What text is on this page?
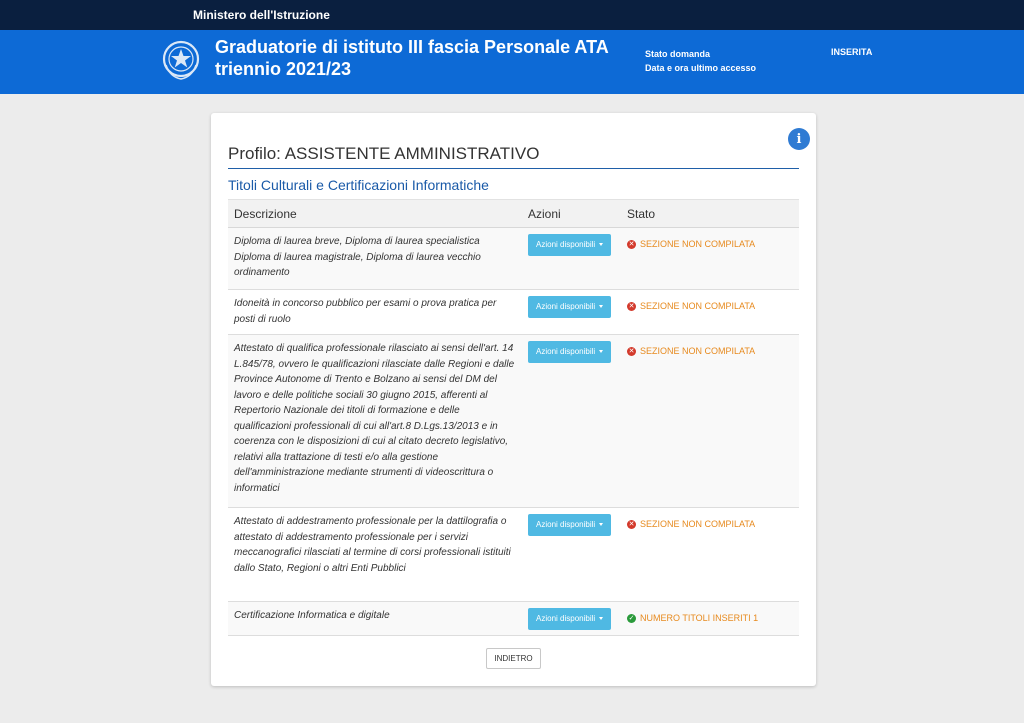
Ministero dell'Istruzione
Graduatorie di istituto III fascia Personale ATA
triennio 2021/23
Stato domanda
Data e ora ultimo accesso
INSERITA
i
Profilo: ASSISTENTE AMMINISTRATIVO
Titoli Culturali e Certificazioni Informatiche
Descrizione	Azioni	Stato
Diploma di laurea breve, Diploma di laurea specialistica Diploma di laurea magistrale, Diploma di laurea vecchio ordinamento	Azioni disponibili	✕ SEZIONE NON COMPILATA

Idoneità in concorso pubblico per esami o prova pratica per posti di ruolo	Azioni disponibili	✕ SEZIONE NON COMPILATA

Attestato di qualifica professionale rilasciato ai sensi dell'art. 14 L.845/78, ovvero le qualificazioni rilasciate dalle Regioni e dalle Province Autonome di Trento e Bolzano ai sensi del DM del lavoro e delle politiche sociali 30 giugno 2015, afferenti al Repertorio Nazionale dei titoli di formazione e delle qualificazioni professionali di cui all'art.8 D.Lgs.13/2013 e in coerenza con le disposizioni di cui al citato decreto legislativo, relativi alla trattazione di testi e/o alla gestione dell'amministrazione mediante strumenti di videoscrittura o informatici	Azioni disponibili	✕ SEZIONE NON COMPILATA

Attestato di addestramento professionale per la dattilografia o attestato di addestramento professionale per i servizi meccanografici rilasciati al termine di corsi professionali istituiti dallo Stato, Regioni o altri Enti Pubblici	Azioni disponibili	✕ SEZIONE NON COMPILATA

Certificazione Informatica e digitale	Azioni disponibili	✓ NUMERO TITOLI INSERITI 1
INDIETRO
